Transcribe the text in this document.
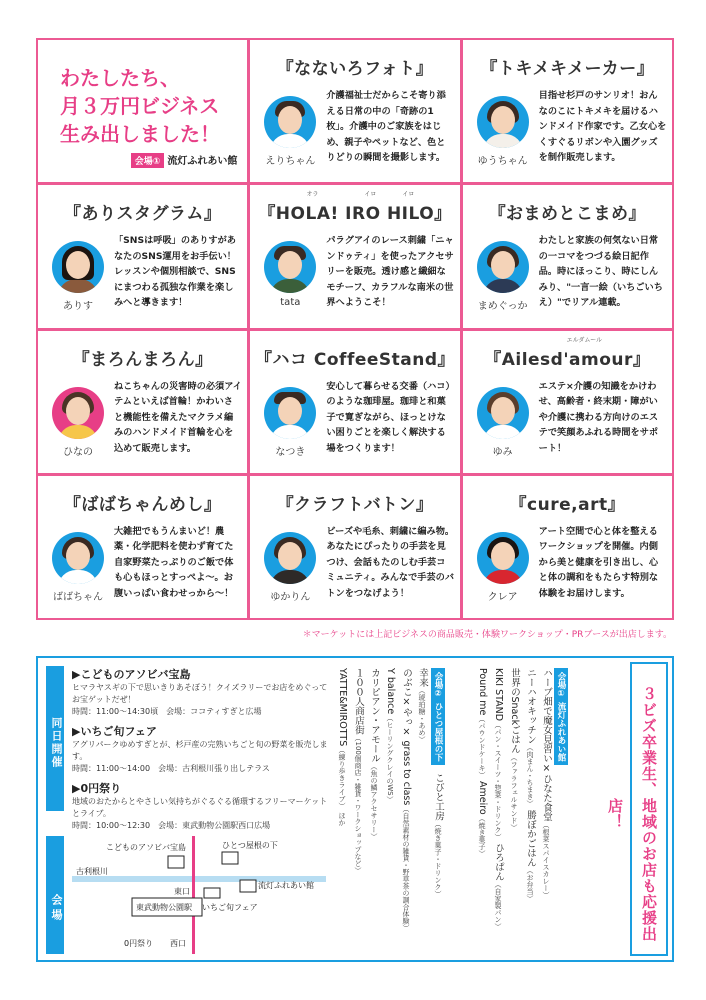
わたしたち、
月３万円ビジネス
生み出しました！
会場① 流灯ふれあい館
『なないろフォト』
えりちゃん
介護福祉士だからこそ寄り添える日常の中の「奇跡の1枚」。介護中のご家族をはじめ、親子やペットなど、色とりどりの瞬間を撮影します。
『トキメキメーカー』
ゆうちゃん
目指せ杉戸のサンリオ！おんなのこにトキメキを届けるハンドメイド作家です。乙女心をくすぐるリボンや入園グッズを制作販売します。
『ありスタグラム』
ありす
「SNSは呼吸」のありすがあなたのSNS運用をお手伝い！レッスンや個別相談で、SNSにまつわる孤独な作業を楽しみへと導きます！
オラ	イロ	イロ
『HOLA! IRO HILO』
tata
パラグアイのレース刺繍「ニャンドゥティ」を使ったアクセサリーを販売。透け感と繊細なモチーフ、カラフルな南米の世界へようこそ！
『おまめとこまめ』
まめぐっか
わたしと家族の何気ない日常の一コマをつづる絵日記作品。時にほっこり、時にしんみり、"一言一絵（いちごいちえ）"でリアル連載。
『まろんまろん』
ひなの
ねこちゃんの災害時の必須アイテムといえば首輪！かわいさと機能性を備えたマクラメ編みのハンドメイド首輪を心を込めて販売します。
『ハコ CoffeeStand』
なつき
安心して暮らせる交番（ハコ）のような珈琲屋。珈琲と和菓子で寛ぎながら、ほっとけない困りごとを楽しく解決する場をつくります！
エルダムール
『Ailesd'amour』
ゆみ
エステ×介護の知識をかけわせ、高齢者・終末期・障がいや介護に携わる方向けのエステで笑顔あふれる時間をサポート！
『ばばちゃんめし』
ばばちゃん
大雑把でもうんまいど！農薬・化学肥料を使わず育てた自家野菜たっぷりのご飯で体も心もほっとすっぺよ～。お腹いっぱい食わせっから～！
『クラフトバトン』
ゆかりん
ビーズや毛糸、刺繍に編み物。あなたにぴったりの手芸を見つけ、会話もたのしむ手芸コミュニティ。みんなで手芸のバトンをつなげよう！
『cure,art』
クレア
アート空間で心と体を整えるワークショップを開催。内側から美と健康を引き出し、心と体の調和をもたらす特別な体験をお届けします。
＊マーケットには上記ビジネスの商品販売・体験ワークショップ・PRブースが出店します。
同日開催
▶こどものアソビバ宝島
ヒマラヤスギの下で思いきりあそぼう！クイズラリーでお店をめぐってお宝ゲットだぜ！
時間：11:00～14:30頃　会場：ココティすぎと広場
▶いちご旬フェア
アグリパークゆめすぎとが、杉戸産の完熟いちごと旬の野菜を販売します。
時間：11:00～14:00　会場：古利根川張り出しテラス
▶0円祭り
地域のおたからとやさしい気持ちがぐるぐる循環するフリーマーケットとライブ。
時間：10:00～12:30　会場：東武動物公園駅西口広場
会場
こどものアソビバ宝島	ひとつ屋根の下
流灯ふれあい館
古利根川
東口
いちご旬フェア
東武動物公園駅
0円祭り 西口
会場② ひとつ屋根の下 こびと工房（焼き菓子・ドリンク） 幸来（琥珀糖・あめ） のぶこ×やっ× grass to class（自然素材の雑貨・野草茶の調合体験） Y balance（ヒーリングクレイのWS） カリピアン・アモール（魚の鱗アクセサリー） １００人商店街（100個商店・雑貨・ワークショップなど） YATTE&MIROTTS（練り歩きライブ） ほか
会場① 流灯ふれあい館 ハーブ畑で魔女見習い×ひなた食堂（根菜スパイスカレー） ニーハオキッチン（肉まん・ちまき） 勝ぼかごはん（お弁当） 世界のSnackごはん（ファラフェルサンド） KIKI STAND（パン・スイーツ・惣菜・ドリンク） ひろぱん（自家製パン） Pound me（パウンドケーキ） Ameiro（焼き菓子）	３ビズ卒業生、地域のお店も応援出店！
